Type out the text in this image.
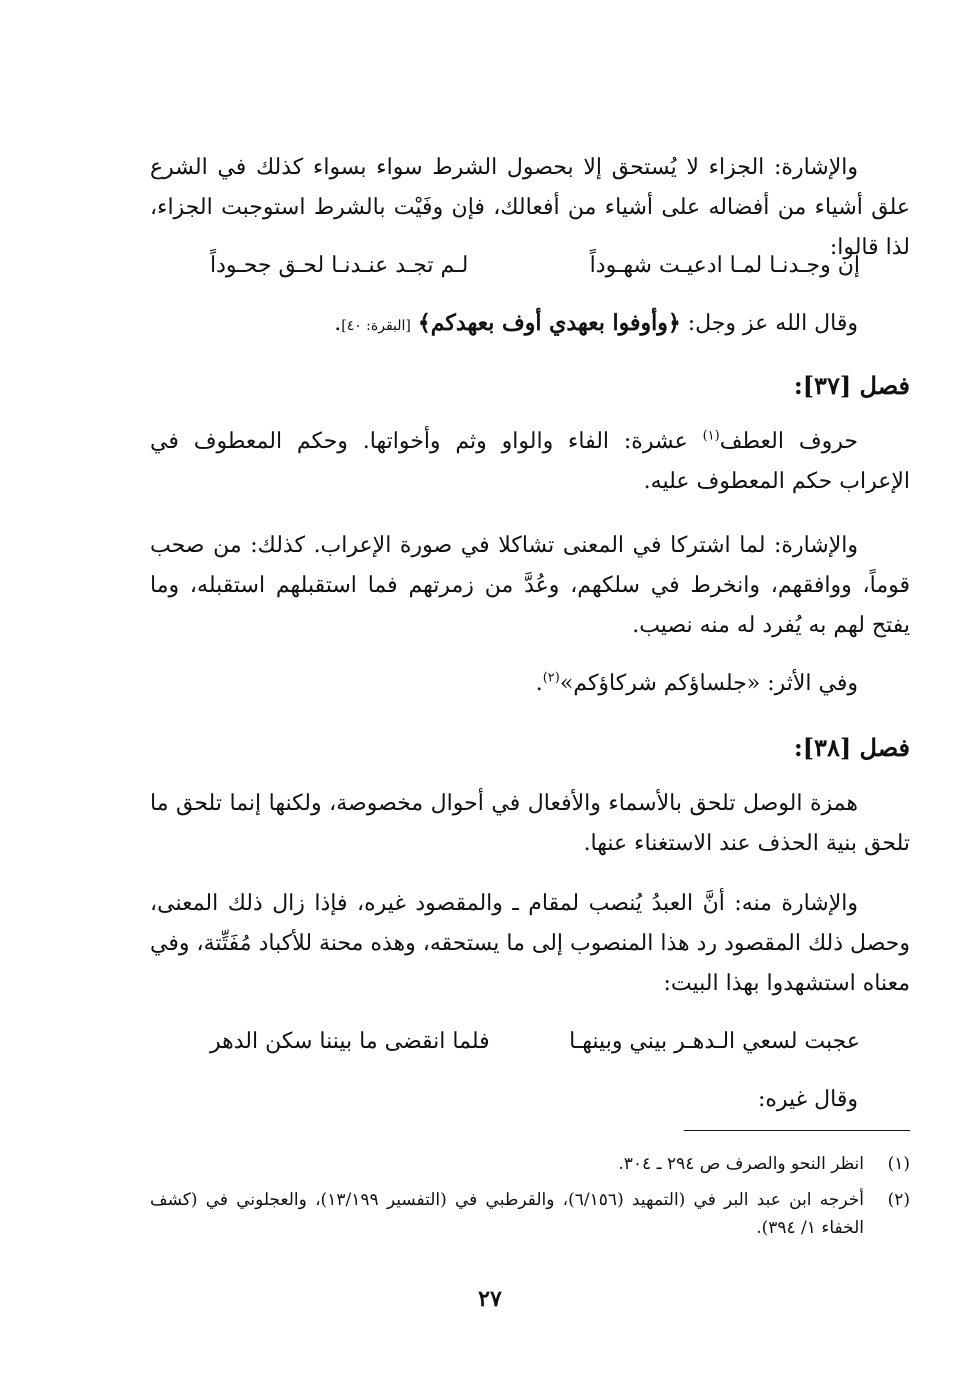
والإشارة: الجزاء لا يُستحق إلا بحصول الشرط سواء بسواء كذلك في الشرع علق أشياء من أفضاله على أشياء من أفعالك، فإن وفَيْت بالشرط استوجبت الجزاء، لذا قالوا:

إن وجـدنـا لمـا ادعيـت شهـوداً
لـم تجـد عنـدنـا لحـق جحـوداً

وقال الله عز وجل: ﴿وأوفوا بعهدي أوف بعهدكم﴾ [البقرة: ٤٠].

فصل [٣٧]:

حروف العطف$^{(١)}$ عشرة: الفاء والواو وثم وأخواتها. وحكم المعطوف في الإعراب حكم المعطوف عليه.

والإشارة: لما اشتركا في المعنى تشاكلا في صورة الإعراب. كذلك: من صحب قوماً، ووافقهم، وانخرط في سلكهم، وعُدَّ من زمرتهم فما استقبلهم استقبله، وما يفتح لهم به يُفرد له منه نصيب.

وفي الأثر: «جلساؤكم شركاؤكم»$^{(٢)}$.

فصل [٣٨]:

همزة الوصل تلحق بالأسماء والأفعال في أحوال مخصوصة، ولكنها إنما تلحق ما تلحق بنية الحذف عند الاستغناء عنها.

والإشارة منه: أنَّ العبدُ يُنصب لمقام ـ والمقصود غيره، فإذا زال ذلك المعنى، وحصل ذلك المقصود رد هذا المنصوب إلى ما يستحقه، وهذه محنة للأكباد مُفَتِّتة، وفي معناه استشهدوا بهذا البيت:

عجبت لسعي الـدهـر بيني وبينهـا
فلما انقضى ما بيننا سكن الدهر

وقال غيره:

(١)
انظر النحو والصرف ص ٢٩٤ ـ ٣٠٤.
(٢)
أخرجه ابن عبد البر في (التمهيد (٦/١٥٦)، والقرطبي في (التفسير ١٣/١٩٩)، والعجلوني في (كشف الخفاء ١/ ٣٩٤).
٢٧
